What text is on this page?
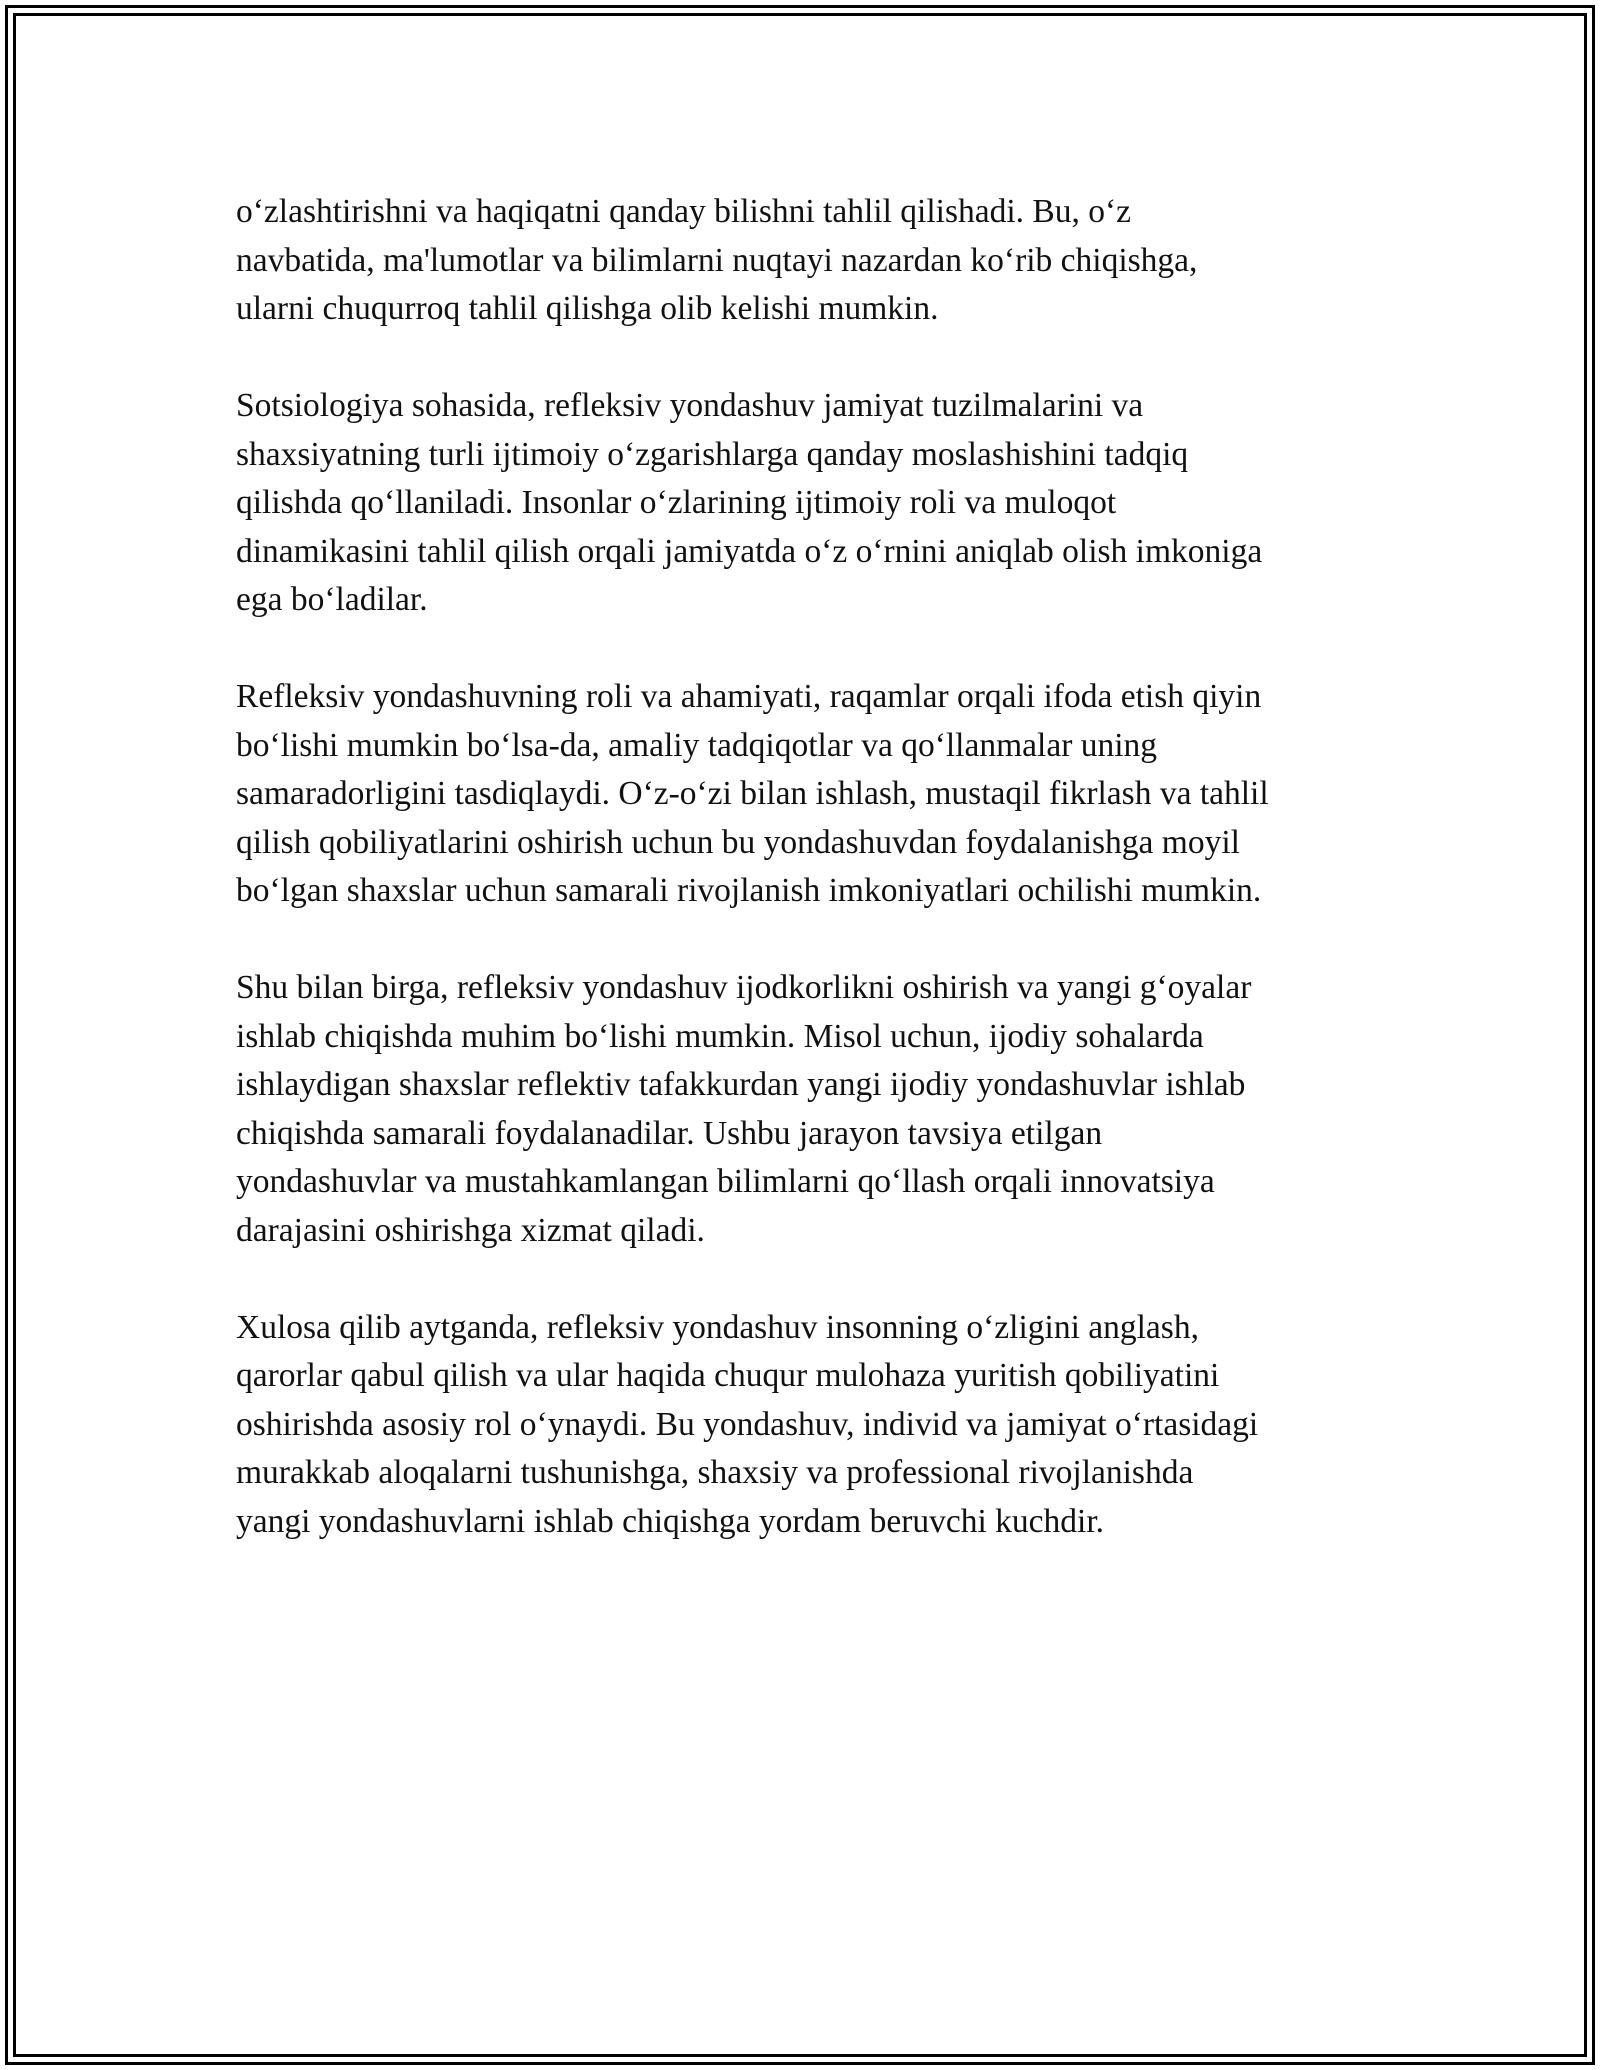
o‘zlashtirishni va haqiqatni qanday bilishni tahlil qilishadi. Bu, o‘z
navbatida, ma'lumotlar va bilimlarni nuqtayi nazardan ko‘rib chiqishga,
ularni chuqurroq tahlil qilishga olib kelishi mumkin.

Sotsiologiya sohasida, refleksiv yondashuv jamiyat tuzilmalarini va
shaxsiyatning turli ijtimoiy o‘zgarishlarga qanday moslashishini tadqiq
qilishda qo‘llaniladi. Insonlar o‘zlarining ijtimoiy roli va muloqot
dinamikasini tahlil qilish orqali jamiyatda o‘z o‘rnini aniqlab olish imkoniga
ega bo‘ladilar.

Refleksiv yondashuvning roli va ahamiyati, raqamlar orqali ifoda etish qiyin
bo‘lishi mumkin bo‘lsa-da, amaliy tadqiqotlar va qo‘llanmalar uning
samaradorligini tasdiqlaydi. O‘z-o‘zi bilan ishlash, mustaqil fikrlash va tahlil
qilish qobiliyatlarini oshirish uchun bu yondashuvdan foydalanishga moyil
bo‘lgan shaxslar uchun samarali rivojlanish imkoniyatlari ochilishi mumkin.

Shu bilan birga, refleksiv yondashuv ijodkorlikni oshirish va yangi g‘oyalar
ishlab chiqishda muhim bo‘lishi mumkin. Misol uchun, ijodiy sohalarda
ishlaydigan shaxslar reflektiv tafakkurdan yangi ijodiy yondashuvlar ishlab
chiqishda samarali foydalanadilar. Ushbu jarayon tavsiya etilgan
yondashuvlar va mustahkamlangan bilimlarni qo‘llash orqali innovatsiya
darajasini oshirishga xizmat qiladi.

Xulosa qilib aytganda, refleksiv yondashuv insonning o‘zligini anglash,
qarorlar qabul qilish va ular haqida chuqur mulohaza yuritish qobiliyatini
oshirishda asosiy rol o‘ynaydi. Bu yondashuv, individ va jamiyat o‘rtasidagi
murakkab aloqalarni tushunishga, shaxsiy va professional rivojlanishda
yangi yondashuvlarni ishlab chiqishga yordam beruvchi kuchdir.
